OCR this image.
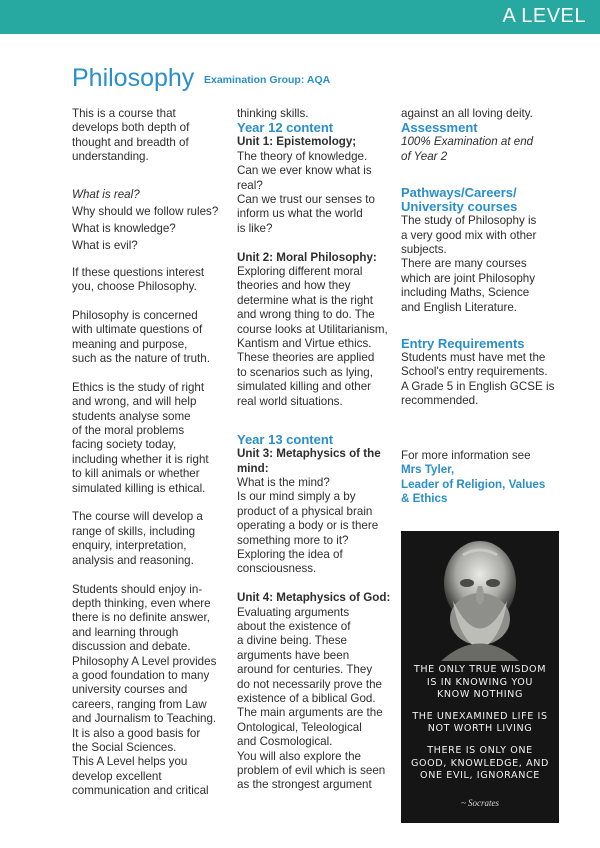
A LEVEL
Philosophy Examination Group: AQA

This is a course that

develops both depth of

thought and breadth of

understanding.

What is real?

Why should we follow rules?

What is knowledge?

What is evil?

If these questions interest

you, choose Philosophy.

Philosophy is concerned

with ultimate questions of

meaning and purpose,

such as the nature of truth.

Ethics is the study of right

and wrong, and will help

students analyse some

of the moral problems

facing society today,

including whether it is right

to kill animals or whether

simulated killing is ethical.

The course will develop a

range of skills, including

enquiry, interpretation,

analysis and reasoning.

Students should enjoy in-

depth thinking, even where

there is no definite answer,

and learning through

discussion and debate.

Philosophy A Level provides

a good foundation to many

university courses and

careers, ranging from Law

and Journalism to Teaching.

It is also a good basis for

the Social Sciences.

This A Level helps you

develop excellent

communication and critical

thinking skills.

Year 12 content

Unit 1: Epistemology;

The theory of knowledge.

Can we ever know what is

real?

Can we trust our senses to

inform us what the world

is like?

Unit 2: Moral Philosophy:

Exploring different moral

theories and how they

determine what is the right

and wrong thing to do. The

course looks at Utilitarianism,

Kantism and Virtue ethics.

These theories are applied

to scenarios such as lying,

simulated killing and other

real world situations.

Year 13 content

Unit 3: Metaphysics of the

mind:

What is the mind?

Is our mind simply a by

product of a physical brain

operating a body or is there

something more to it?

Exploring the idea of

consciousness.

Unit 4: Metaphysics of God:

Evaluating arguments

about the existence of

a divine being. These

arguments have been

around for centuries. They

do not necessarily prove the

existence of a biblical God.

The main arguments are the

Ontological, Teleological

and Cosmological.

You will also explore the

problem of evil which is seen

as the strongest argument

against an all loving deity.

Assessment

100% Examination at end

of Year 2

Pathways/Careers/

University courses

The study of Philosophy is

a very good mix with other

subjects.

There are many courses

which are joint Philosophy

including Maths, Science

and English Literature.

Entry Requirements

Students must have met the

School's entry requirements.

A Grade 5 in English GCSE is

recommended.

For more information see

Mrs Tyler,

Leader of Religion, Values

& Ethics

THE ONLY TRUE WISDOM
IS IN KNOWING YOU
KNOW NOTHING

THE UNEXAMINED LIFE IS
NOT WORTH LIVING

THERE IS ONLY ONE
GOOD, KNOWLEDGE, AND
ONE EVIL, IGNORANCE

~ Socrates
